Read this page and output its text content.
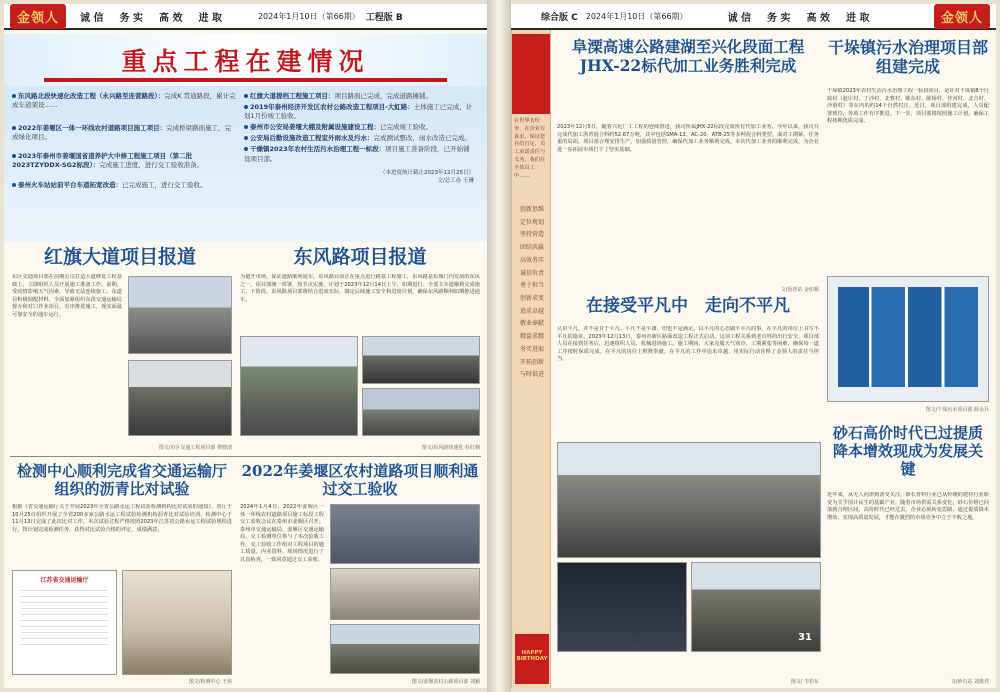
金领人	诚 信 务 实 高 效 进 取	2024年1月10日（第66期） 工程版 B
重点工程在建情况
东风路北段快速化改造工程（永兴路至连营路段）：完成K 贯通路段，累计完成车道架设……
2022年姜堰区一体一环线农村道路项目施工项目：完成桥梁路面施工，完成绿化项目。
2023年泰州市姜堰国省道养护大中修工程施工项目（第二批 2023TZYDDX-SG2标段）：完成施工进度，进行交工验收准备。
泰州火车站站前平台车道拓宽改造：已完成施工，进行交工验收。
红旗大道提档工程施工项目：项目路面已完成，完成道路摊铺。
2019年泰州经济开发区农村公路改造工程项目-大虹路：土体施工已完成，计划1月份竣工验收。
泰州市公安局姜堰大棚及附属设施建设工程：已完成竣工验收。
公安局后勤设施改造工程室外雨水及污水：完成测试整改，雨水改造已完成。
干燥镇2023年农村生活污水治理工程一标段：项目施工准备阶段，已开始铺设项目部。
（本进度统计截止2023年12月25日）
文/总工办 王琳
红旗大道项目报道	东风路项目报道
东区交通项目部在前期公司打造大道修复工程基础上，立即组织人员开展施工准备工作。前期，受疫情影响天气因素，导致无法连续施工。东道目积极调配材料，全面加紧组织东段交通运输局督办和对口作业项目，有序推进施工，现实面最可靠安全的通车运行。
图文/市区交通工程项目部 费晓清
为避开市场，保证道路顺利通车，东风路目前正在重点进行路基工程施工，东风路是东城门内发展的东风之一。项目部统一部署，按节点实施，计划于2023年12月14日上午，如期进行。全部主车道顺利完成施工。下阶段，东风路项目部将结合进度实际，制定后续施工安全和进度计划，确保东风路顺利如期推进通车。
图文/东风路快速化 杜红枫
检测中心顺利完成省交通运输厅组织的沥青比对试验
2022年姜堰区农村道路项目顺利通过交工验收
根据《省交通运输厅关于开展2023年全省公路水运工程试验检测机构比对试验的通知》，省厅于10月25日组织开展了全省200多家公路水运工程试验检测机构沥青比对试验培训。检测中心于11月13日完成了此次比对工作。本次试验过程严格按照2023年江苏省公路水运工程试验规程进行，按计划完成检测任务，获得对比试验合格的评定，成绩满意。
江苏省交通运输厅
图文/检测中心 王伟
2024年1月4日，2022年姜堰区一体一环线农村道路项目施工标段工程交工验收会议在泰州市姜堰区召开。泰州市交通运输局、姜堰区交通运输局、交工检测单位参与了本次验收工作。交工验收工作组对工程项目的施工质量、内业资料、现场情况进行了认真检查，一致同意通过交工验收。
图文/姜堰农村公路项目部 刘颖
综合版 C 2024年1月10日（第66期）	诚 信 务 实 高 效 进 取	金领人
在世界有纷争，在企业有诉求，保证您自给自足，员工承诺责任与义务，我们在全体员工中……
创新思维
定位规划
坚持营造
团结共赢
高效务实
诚信负责
勇于担当
创新求变
追求卓越
敬业奉献
精益求精
务实进取
开拓创新
与时俱进
HAPPY BIRTHDAY
阜溧高速公路建湖至兴化段面工程JHX-22标代加工业务胜利完成
2023年12月5日，随着兴化厂工工程的连续推进，我司所属JHX-22标段完成所有代加工业务，今年以来，我司共完成代加工沥青混合料约52.67万吨，其中包括SMA-13、AC-20、ATB-25等多种混合料类型。面对工期紧、任务重的局面，项目部合理安排生产，加强质量管控，确保代加工业务顺利完成。本次代加工业务的顺利完成，为企业进一步拓展市场打下了坚实基础。
文/沥青站 金如顺
在接受平凡中　走向不平凡
认识平凡，并不是甘于平凡。平凡不是平庸，但也不是满足，以平凡的心态做不平凡的事，在平凡的岗位上书写不平凡的篇章。2023年12月13日，泰州市新区路面改造工程正式启动，这项工程关系到老百姓的出行安全。项目部人员在接到任务后，迅速组织人员、机械进场施工。施工期间，大家克服天气寒冷、工期紧张等困难，确保每一道工序按时保质完成。在平凡的岗位上默默奉献，在平凡的工作中追求卓越，用实际行动诠释了金领人的责任与担当。
31
图文/ 李若东
干垛镇污水治理项目部组建完成
干垛镇2023年农村生活污水治理工程一标段项目，是针对干垛镇8个行政村（赵庄村、丁沙村、北曹村、陈东村、陈杨村、佳河村、北吉村、沙港村）等在内的约14个自然村庄。近日，项目部组建完成，人员配置到位，各项工作有序推进。下一步，项目部将按照施工计划，确保工程按期优质完成。
图文/干垛污水项目部 薛永兵
砂石高价时代已过提质降本增效现成为发展关键
近年来，从无人问津到备受关注，砂石骨料行业已从传统的建材行业转变为关乎国计民生的基础产业。随着市场供需关系变化，砂石价格已回落到合理区间。高价时代已经过去，企业必须转变思路，通过提质降本增效，实现高质量发展，才能在激烈的市场竞争中立于不败之地。
文/砂石站 刘惠君
